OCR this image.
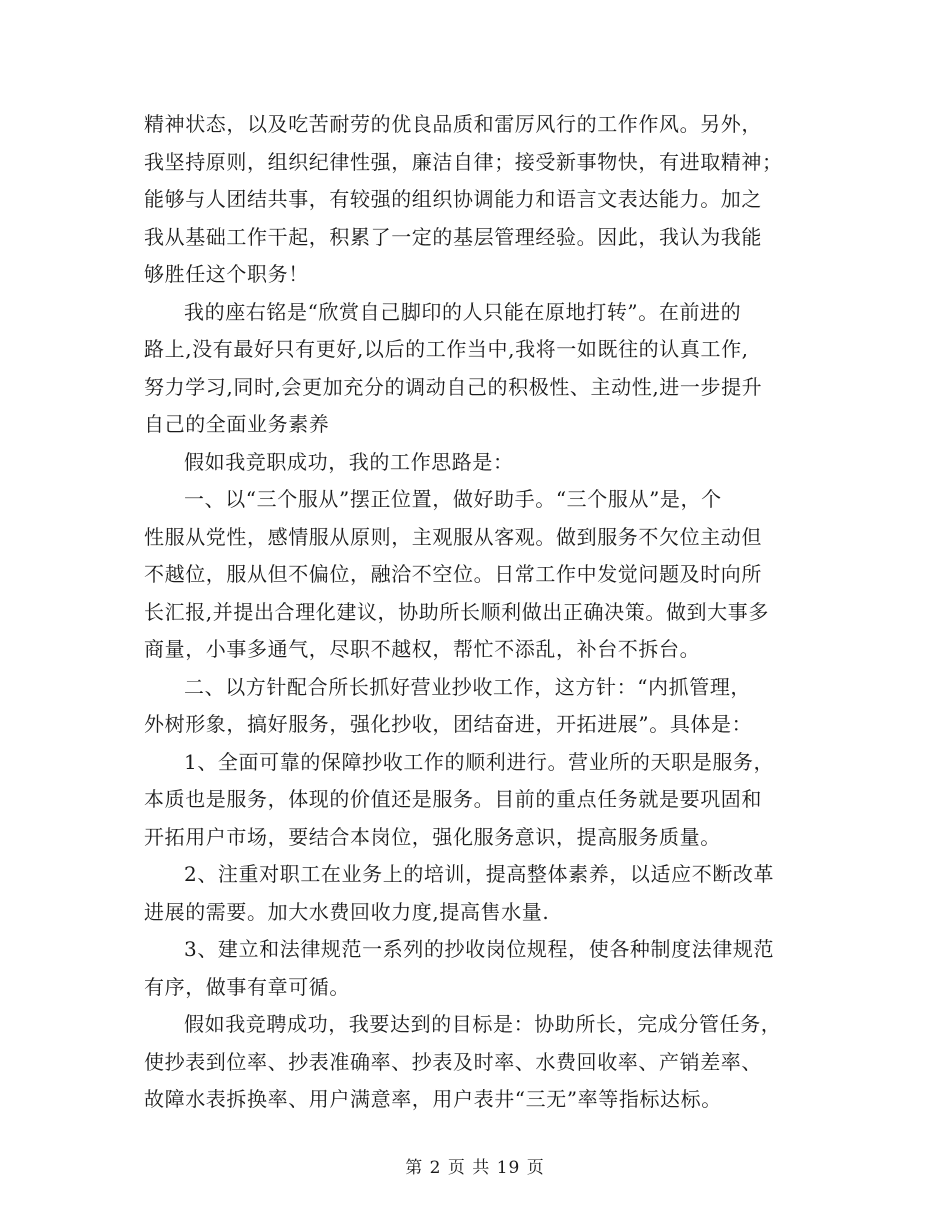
精神状态，以及吃苦耐劳的优良品质和雷厉风行的工作作风。另外，
我坚持原则，组织纪律性强，廉洁自律；接受新事物快，有进取精神；
能够与人团结共事，有较强的组织协调能力和语言文表达能力。加之
我从基础工作干起，积累了一定的基层管理经验。因此，我认为我能
够胜任这个职务！
我的座右铭是“欣赏自己脚印的人只能在原地打转”。在前进的
路上,没有最好只有更好,以后的工作当中,我将一如既往的认真工作,
努力学习,同时,会更加充分的调动自己的积极性、主动性,进一步提升
自己的全面业务素养
假如我竞职成功，我的工作思路是：
一、以“三个服从”摆正位置，做好助手。“三个服从”是，个
性服从党性，感情服从原则，主观服从客观。做到服务不欠位主动但
不越位，服从但不偏位，融洽不空位。日常工作中发觉问题及时向所
长汇报,并提出合理化建议，协助所长顺利做出正确决策。做到大事多
商量，小事多通气，尽职不越权，帮忙不添乱，补台不拆台。
二、以方针配合所长抓好营业抄收工作，这方针：“内抓管理，
外树形象，搞好服务，强化抄收，团结奋进，开拓进展”。具体是：
1、全面可靠的保障抄收工作的顺利进行。营业所的天职是服务，
本质也是服务，体现的价值还是服务。目前的重点任务就是要巩固和
开拓用户市场，要结合本岗位，强化服务意识，提高服务质量。
2、注重对职工在业务上的培训，提高整体素养，以适应不断改革
进展的需要。加大水费回收力度,提高售水量.
3、建立和法律规范一系列的抄收岗位规程，使各种制度法律规范
有序，做事有章可循。
假如我竞聘成功，我要达到的目标是：协助所长，完成分管任务，
使抄表到位率、抄表准确率、抄表及时率、水费回收率、产销差率、
故障水表拆换率、用户满意率，用户表井“三无”率等指标达标。
第 2 页 共 19 页
